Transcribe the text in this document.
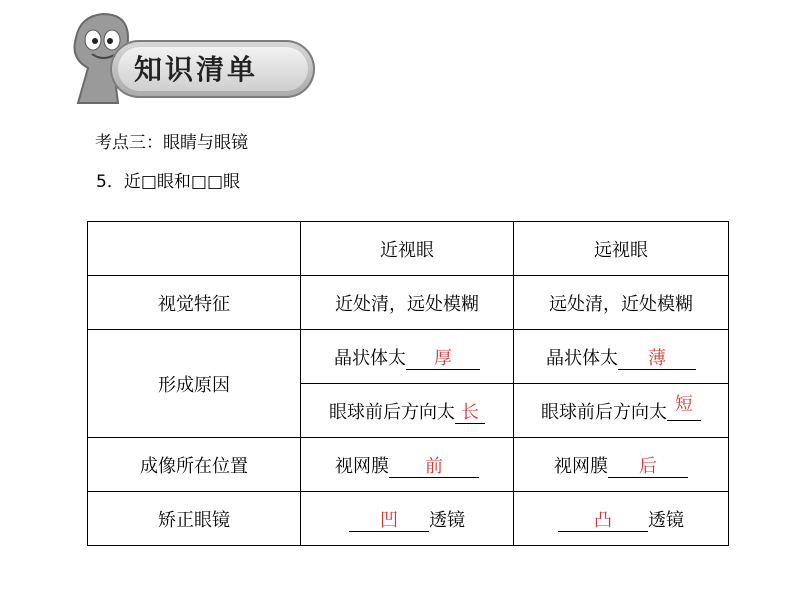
知识清单
考点三：眼睛与眼镜
5．近□眼和□□眼
	近视眼	远视眼
视觉特征	近处清，远处模糊	远处清，近处模糊
形成原因	晶状体太 厚	晶状体太 薄
	眼球前后方向太 长	眼球前后方向太 短

成像所在位置	视网膜 前	视网膜 后
矫正眼镜	凹 透镜	凸 透镜
